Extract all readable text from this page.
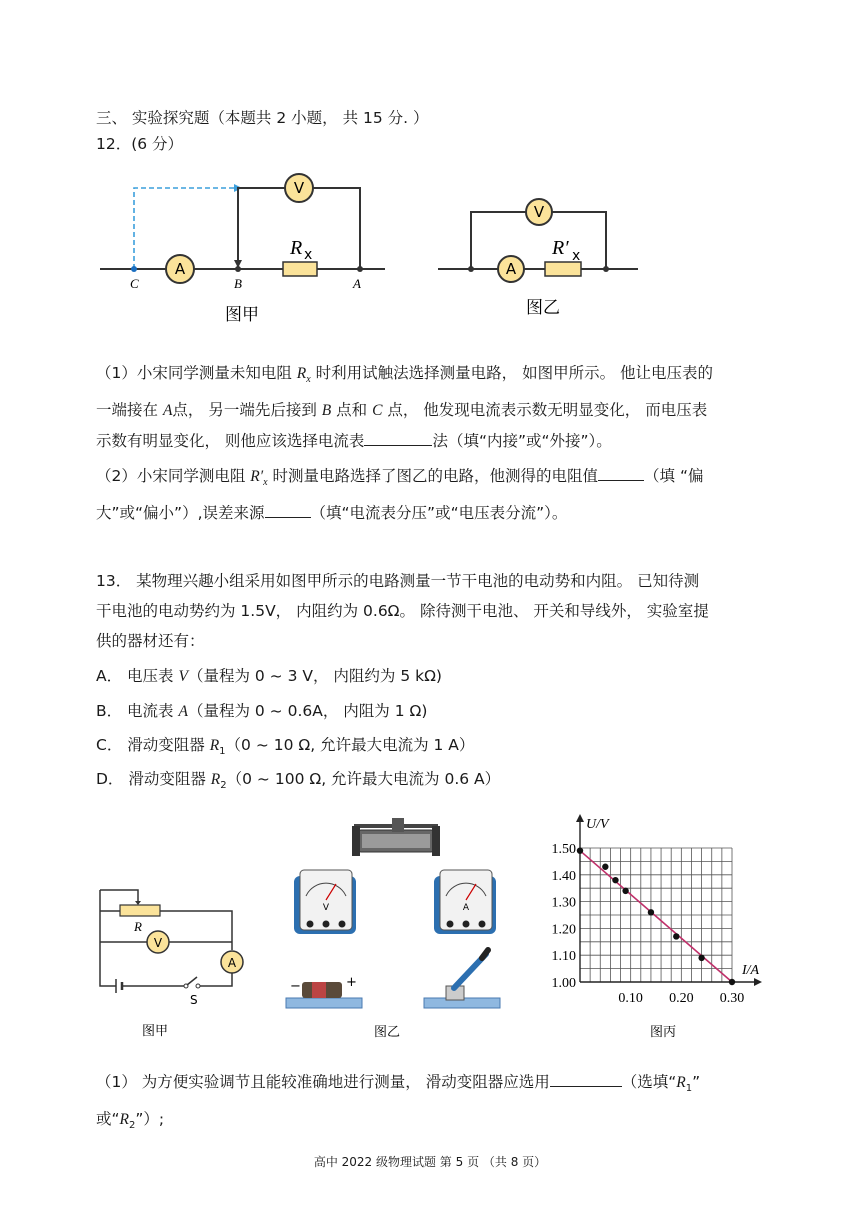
三、 实验探究题（本题共 2 小题， 共 15 分. ）
12．(6 分）
V
A
R x
C	B	A
图甲
V
A
R′ x
图乙
（1）小宋同学测量未知电阻 $R_x$ 时利用试触法选择测量电路， 如图甲所示。 他让电压表的
一端接在 A点， 另一端先后接到 B 点和 C 点， 他发现电流表示数无明显变化， 而电压表
示数有明显变化， 则他应该选择电流表	法（填“内接”或“外接”）。
（2）小宋同学测电阻 $R'_x$ 时测量电路选择了图乙的电路，他测得的电阻值	（填 “偏
大”或“偏小”）,误差来源	（填“电流表分压”或“电压表分流”）。
13． 某物理兴趣小组采用如图甲所示的电路测量一节干电池的电动势和内阻。 已知待测
干电池的电动势约为 1.5V， 内阻约为 0.6Ω。 除待测干电池、 开关和导线外， 实验室提
供的器材还有：
A． 电压表 V（量程为 0 ~ 3 V， 内阻约为 5 kΩ)
B． 电流表 A（量程为 0 ~ 0.6A， 内阻为 1 Ω)
C． 滑动变阻器 $R_1(0$ ~ 10 Ω, 允许最大电流为 1 A）
D． 滑动变阻器 $R_2(0$ ~ 100 Ω, 允许最大电流为 0.6 A）
R
V
A
S
图甲
V	A
−	+
图乙
I/A
U/V
1.00
1.10
1.20
1.30
1.40
1.50
0.10 0.20 0.30
图丙
（1） 为方便实验调节且能较准确地进行测量， 滑动变阻器应选用	（选填“$R_1$”
或“$R_2$”）;
高中 2022 级物理试题 第 5 页 （共 8 页）
